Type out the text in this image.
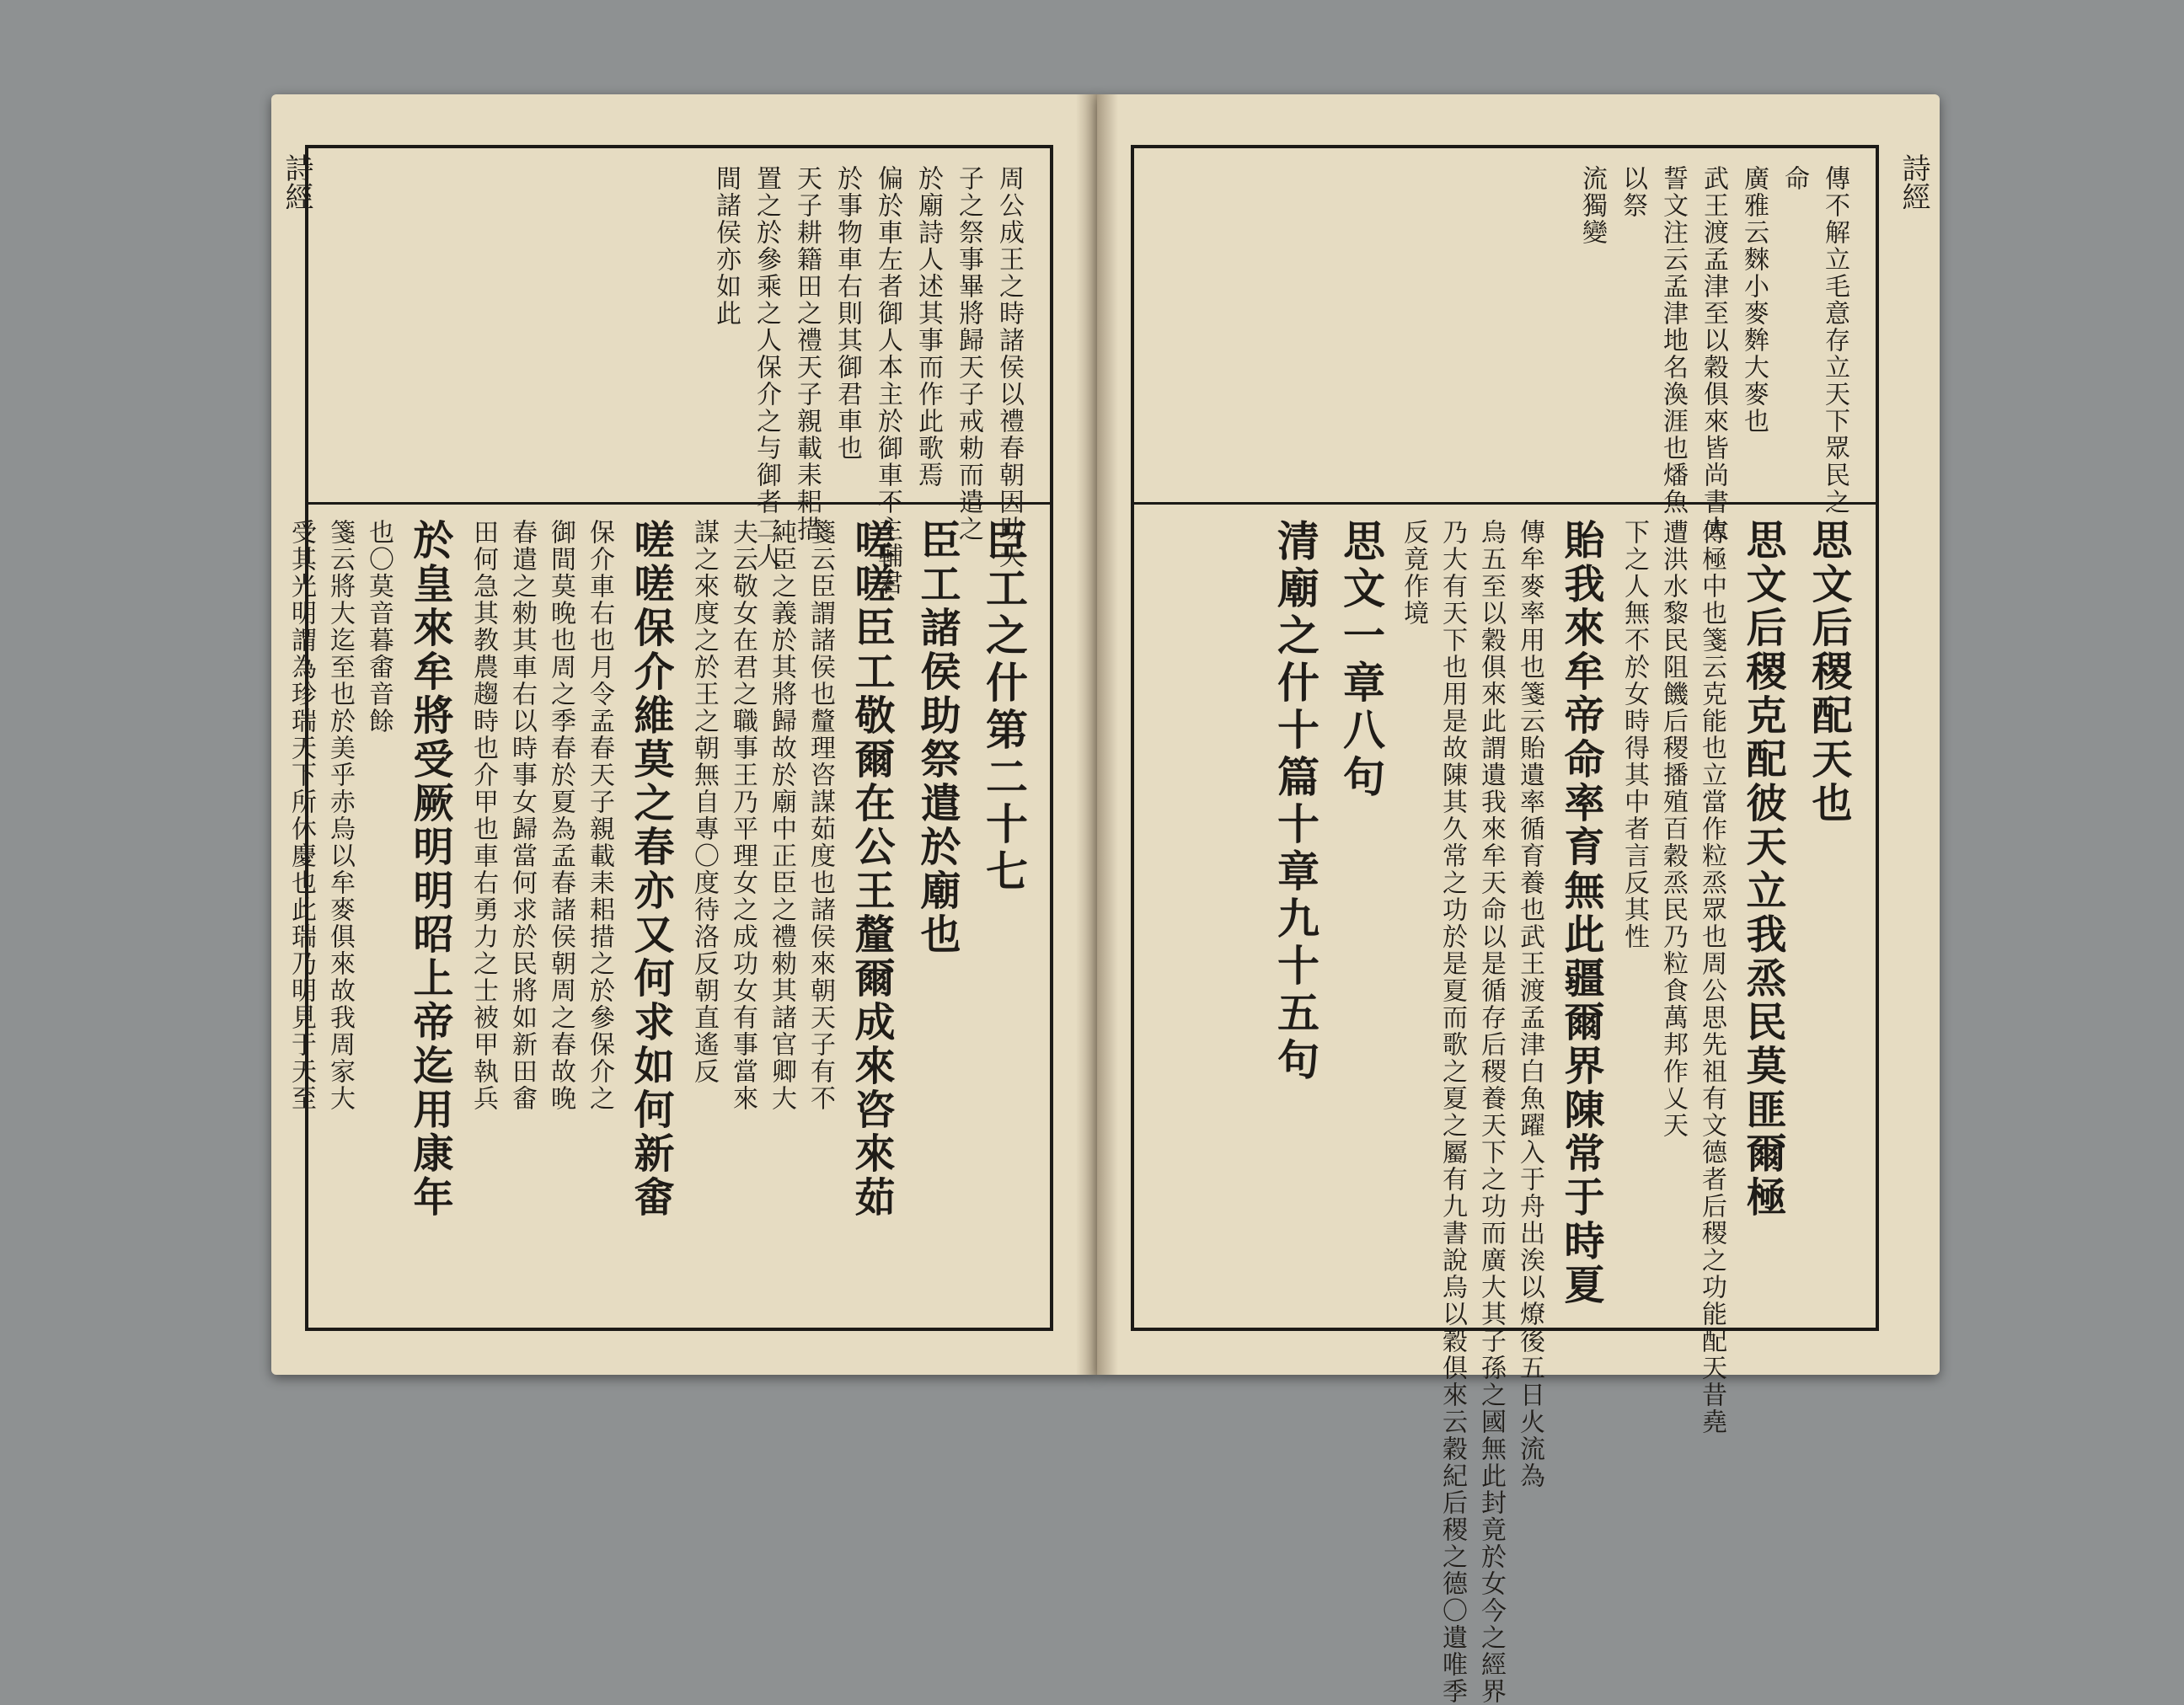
詩經	周公成王之時諸侯以禮春朝因助天
子之祭事畢將歸天子戒勅而遣之
於廟詩人述其事而作此歌焉
偏於車左者御人本主於御車不主輔君
於事物車右則其御君車也
天子耕籍田之禮天子親載耒耜措
置之於參乘之人保介之与御者二人
間諸侯亦如此
臣工之什第二十七
臣工諸侯助祭遣於廟也
嗟嗟臣工敬爾在公王釐爾成來咨來茹
箋云臣謂諸侯也釐理咨謀茹度也諸侯來朝天子有不
純臣之義於其將歸故於廟中正臣之禮勑其諸官卿大
夫云敬女在君之職事王乃平理女之成功女有事當來
謀之來度之於王之朝無自專〇度待洛反朝直遙反
嗟嗟保介維莫之春亦又何求如何新畬
保介車右也月令孟春天子親載耒耜措之於參保介之
御間莫晚也周之季春於夏為孟春諸侯朝周之春故晚
春遣之勑其車右以時事女歸當何求於民將如新田畬
田何急其教農趨時也介甲也車右勇力之士被甲執兵
於皇來牟將受厥明明昭上帝迄用康年
也〇莫音暮畬音餘
箋云將大迄至也於美乎赤烏以牟麥俱來故我周家大
受其光明謂為珍瑞天下所休慶也此瑞乃明見于天至
詩經
傳不解立毛意存立天下眾民之
命
廣雅云麳小麥麰大麥也
武王渡孟津至以穀俱來皆尚書大
誓文注云孟津地名渙涯也燔魚
以祭
流獨變
思文后稷配天也
思文后稷克配彼天立我烝民莫匪爾極
傳極中也箋云克能也立當作粒烝眾也周公思先祖有文德者后稷之功能配天昔堯
遭洪水黎民阻饑后稷播殖百穀烝民乃粒食萬邦作乂天
下之人無不於女時得其中者言反其性
貽我來牟帝命率育無此疆爾界陳常于時夏
傳牟麥率用也箋云貽遺率循育養也武王渡孟津白魚躍入于舟出涘以燎後五日火流為
烏五至以穀俱來此謂遺我來牟天命以是循存后稷養天下之功而廣大其子孫之國無此封竟於女今之經界
乃大有天下也用是故陳其久常之功於是夏而歌之夏之屬有九書說烏以穀俱來云穀紀后稷之德〇遺唯季
反竟作境
思文一章八句
清廟之什十篇十章九十五句
